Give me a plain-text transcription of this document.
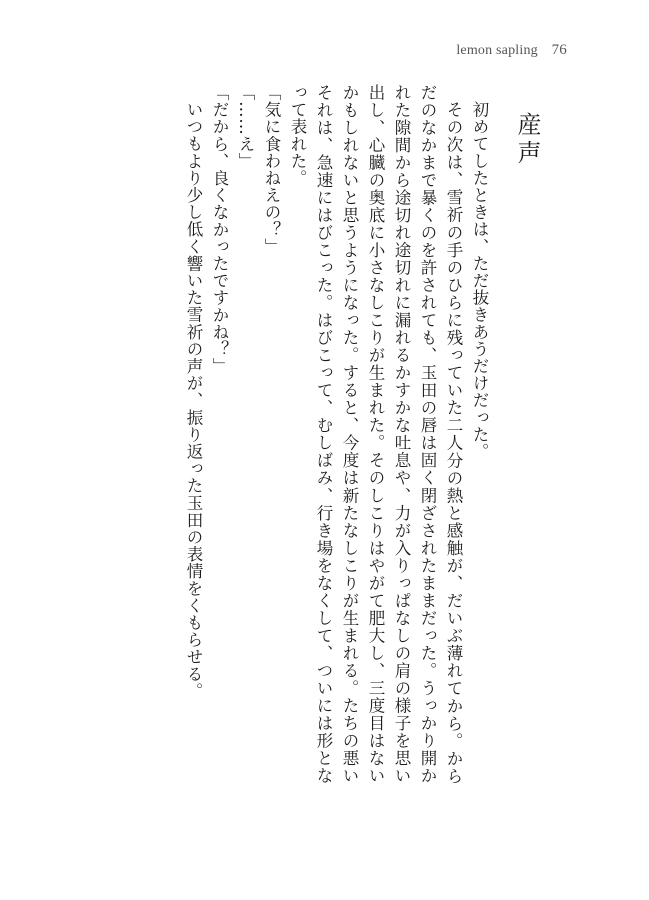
lemon sapling 76
産声

初めてしたときは、ただ抜きあうだけだった。

その次は、雪祈の手のひらに残っていた二人分の熱と感触が、だいぶ薄れてから。からだのなかまで暴くのを許されても、玉田の唇は固く閉ざされたままだった。うっかり開かれた隙間から途切れ途切れに漏れるかすかな吐息や、力が入りっぱなしの肩の様子を思い出し、心臓の奥底に小さなしこりが生まれた。そのしこりはやがて肥大し、三度目はないかもしれないと思うようになった。すると、今度は新たなしこりが生まれる。たちの悪いそれは、急速にはびこった。はびこって、むしばみ、行き場をなくして、ついには形となって表れた。

「気に食わねえの？」

「……え」

「だから、良くなかったですかね？」

いつもより少し低く響いた雪祈の声が、振り返った玉田の表情をくもらせる。
